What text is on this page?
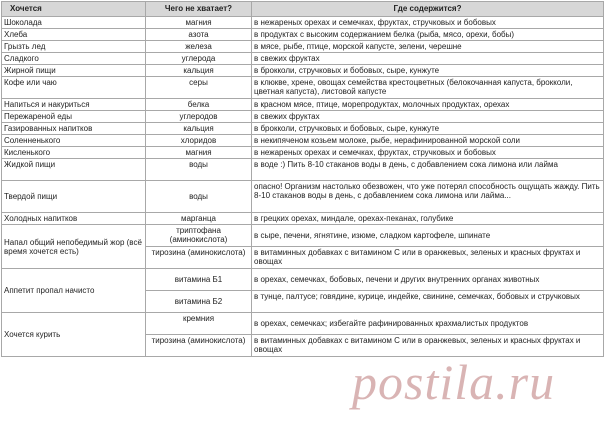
Хочется	Чего не хватает?	Где содержится?
Шоколада	магния	в нежареных орехах и семечках, фруктах, стручковых и бобовых
Хлеба	азота	в продуктах с высоким содержанием белка (рыба, мясо, орехи, бобы)
Грызть лед	железа	в мясе, рыбе, птице, морской капусте, зелени, черешне
Сладкого	углерода	в свежих фруктах
Жирной пищи	кальция	в брокколи, стручковых и бобовых, сыре, кунжуте
Кофе или чаю	серы	в клюкве, хрене, овощах семейства крестоцветных (белокочанная капуста, брокколи, цветная капуста), листовой капусте
Напиться и накуриться	белка	в красном мясе, птице, морепродуктах, молочных продуктах, орехах
Пережареной еды	углеродов	в свежих фруктах
Газированных напитков	кальция	в брокколи, стручковых и бобовых, сыре, кунжуте
Соленненького	хлоридов	в некипяченом козьем молоке, рыбе, нерафинированной морской соли
Кисленького	магния	в нежареных орехах и семечках, фруктах, стручковых и бобовых
Жидкой пищи	воды	в воде :) Пить 8-10 стаканов воды в день, с добавлением сока лимона или лайма
Твердой пищи	воды	опасно! Организм настолько обезвожен, что уже потерял способность ощущать жажду. Пить 8-10 стаканов воды в день, с добавлением сока лимона или лайма...
Холодных напитков	марганца	в грецких орехах, миндале, орехах-пеканах, голубике
Напал общий непобедимый жор (всё время хочется есть)	триптофана (аминокислота)	в сыре, печени, ягнятине, изюме, сладком картофеле, шпинате
	тирозина (аминокислота)	в витаминных добавках с витамином С или в оранжевых, зеленых и красных фруктах и овощах
Аппетит пропал начисто	витамина Б1	в орехах, семечках, бобовых, печени и других внутренних органах животных
	витамина Б2	в тунце, палтусе; говядине, курице, индейке, свинине, семечках, бобовых и стручковых
Хочется курить	кремния	в орехах, семечках; избегайте рафинированных крахмалистых продуктов
	тирозина (аминокислота)	в витаминных добавках с витамином С или в оранжевых, зеленых и красных фруктах и овощах
postila.ru
